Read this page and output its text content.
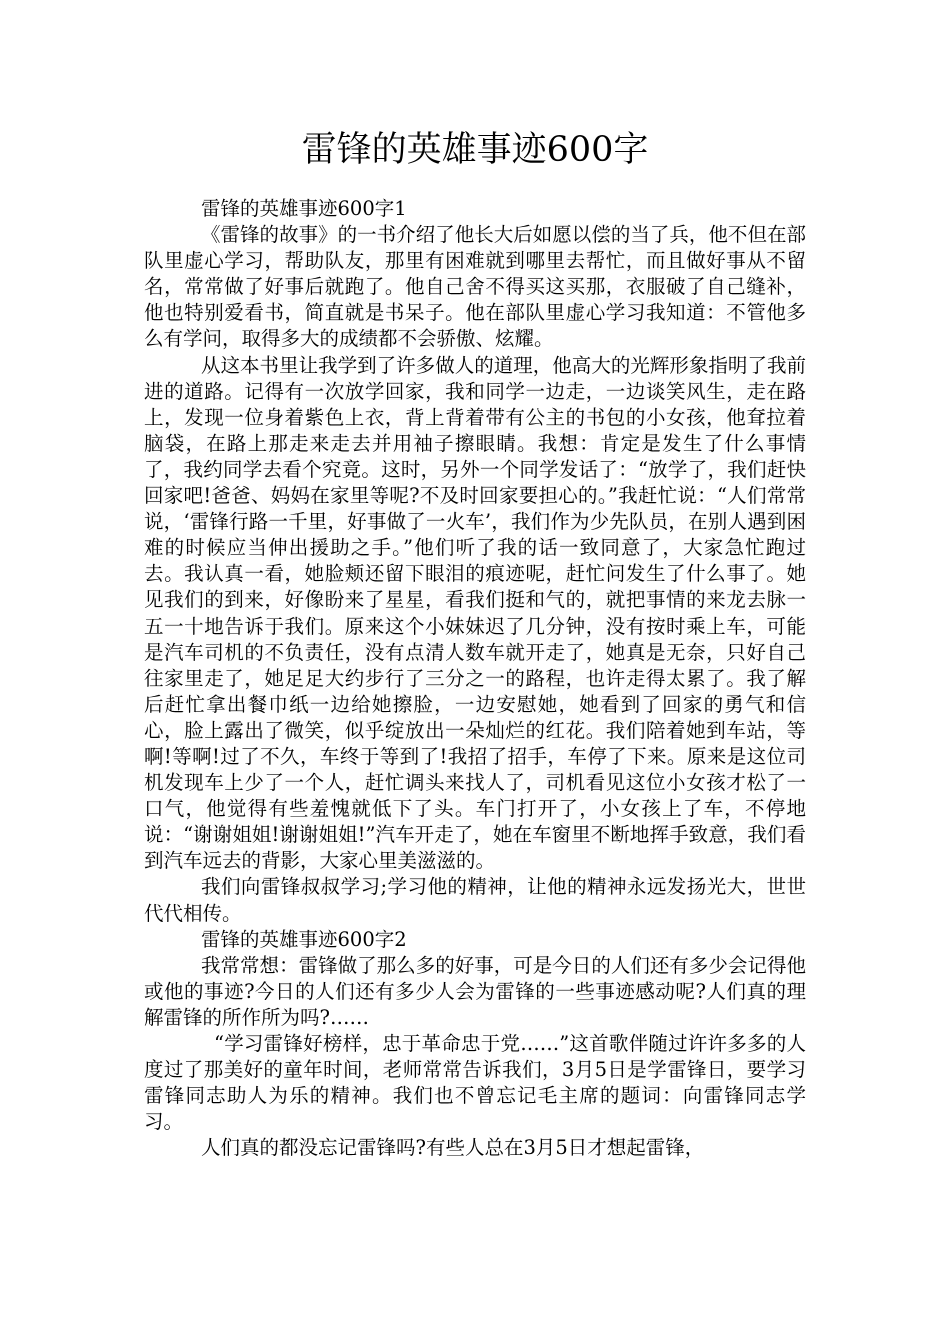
雷锋的英雄事迹600字

雷锋的英雄事迹600字1

《雷锋的故事》的一书介绍了他长大后如愿以偿的当了兵，他不但在部队里虚心学习，帮助队友，那里有困难就到哪里去帮忙，而且做好事从不留名，常常做了好事后就跑了。他自己舍不得买这买那，衣服破了自己缝补，他也特别爱看书，简直就是书呆子。他在部队里虚心学习我知道：不管他多么有学问，取得多大的成绩都不会骄傲、炫耀。

从这本书里让我学到了许多做人的道理，他高大的光辉形象指明了我前进的道路。记得有一次放学回家，我和同学一边走，一边谈笑风生，走在路上，发现一位身着紫色上衣，背上背着带有公主的书包的小女孩，他耷拉着脑袋，在路上那走来走去并用袖子擦眼睛。我想：肯定是发生了什么事情了，我约同学去看个究竟。这时，另外一个同学发话了：“放学了，我们赶快回家吧!爸爸、妈妈在家里等呢?不及时回家要担心的。”我赶忙说：“人们常常说，‘雷锋行路一千里，好事做了一火车’，我们作为少先队员，在别人遇到困难的时候应当伸出援助之手。”他们听了我的话一致同意了，大家急忙跑过去。我认真一看，她脸颊还留下眼泪的痕迹呢，赶忙问发生了什么事了。她见我们的到来，好像盼来了星星，看我们挺和气的，就把事情的来龙去脉一五一十地告诉于我们。原来这个小妹妹迟了几分钟，没有按时乘上车，可能是汽车司机的不负责任，没有点清人数车就开走了，她真是无奈，只好自己往家里走了，她足足大约步行了三分之一的路程，也许走得太累了。我了解后赶忙拿出餐巾纸一边给她擦脸，一边安慰她，她看到了回家的勇气和信心，脸上露出了微笑，似乎绽放出一朵灿烂的红花。我们陪着她到车站，等啊!等啊!过了不久，车终于等到了!我招了招手，车停了下来。原来是这位司机发现车上少了一个人，赶忙调头来找人了，司机看见这位小女孩才松了一口气，他觉得有些羞愧就低下了头。车门打开了，小女孩上了车，不停地说：“谢谢姐姐!谢谢姐姐!”汽车开走了，她在车窗里不断地挥手致意，我们看到汽车远去的背影，大家心里美滋滋的。

我们向雷锋叔叔学习;学习他的精神，让他的精神永远发扬光大，世世代代相传。

雷锋的英雄事迹600字2

我常常想：雷锋做了那么多的好事，可是今日的人们还有多少会记得他或他的事迹?今日的人们还有多少人会为雷锋的一些事迹感动呢?人们真的理解雷锋的所作所为吗?……

“学习雷锋好榜样，忠于革命忠于党……”这首歌伴随过许许多多的人度过了那美好的童年时间，老师常常告诉我们，3月5日是学雷锋日，要学习雷锋同志助人为乐的精神。我们也不曾忘记毛主席的题词：向雷锋同志学习。

人们真的都没忘记雷锋吗?有些人总在3月5日才想起雷锋，
